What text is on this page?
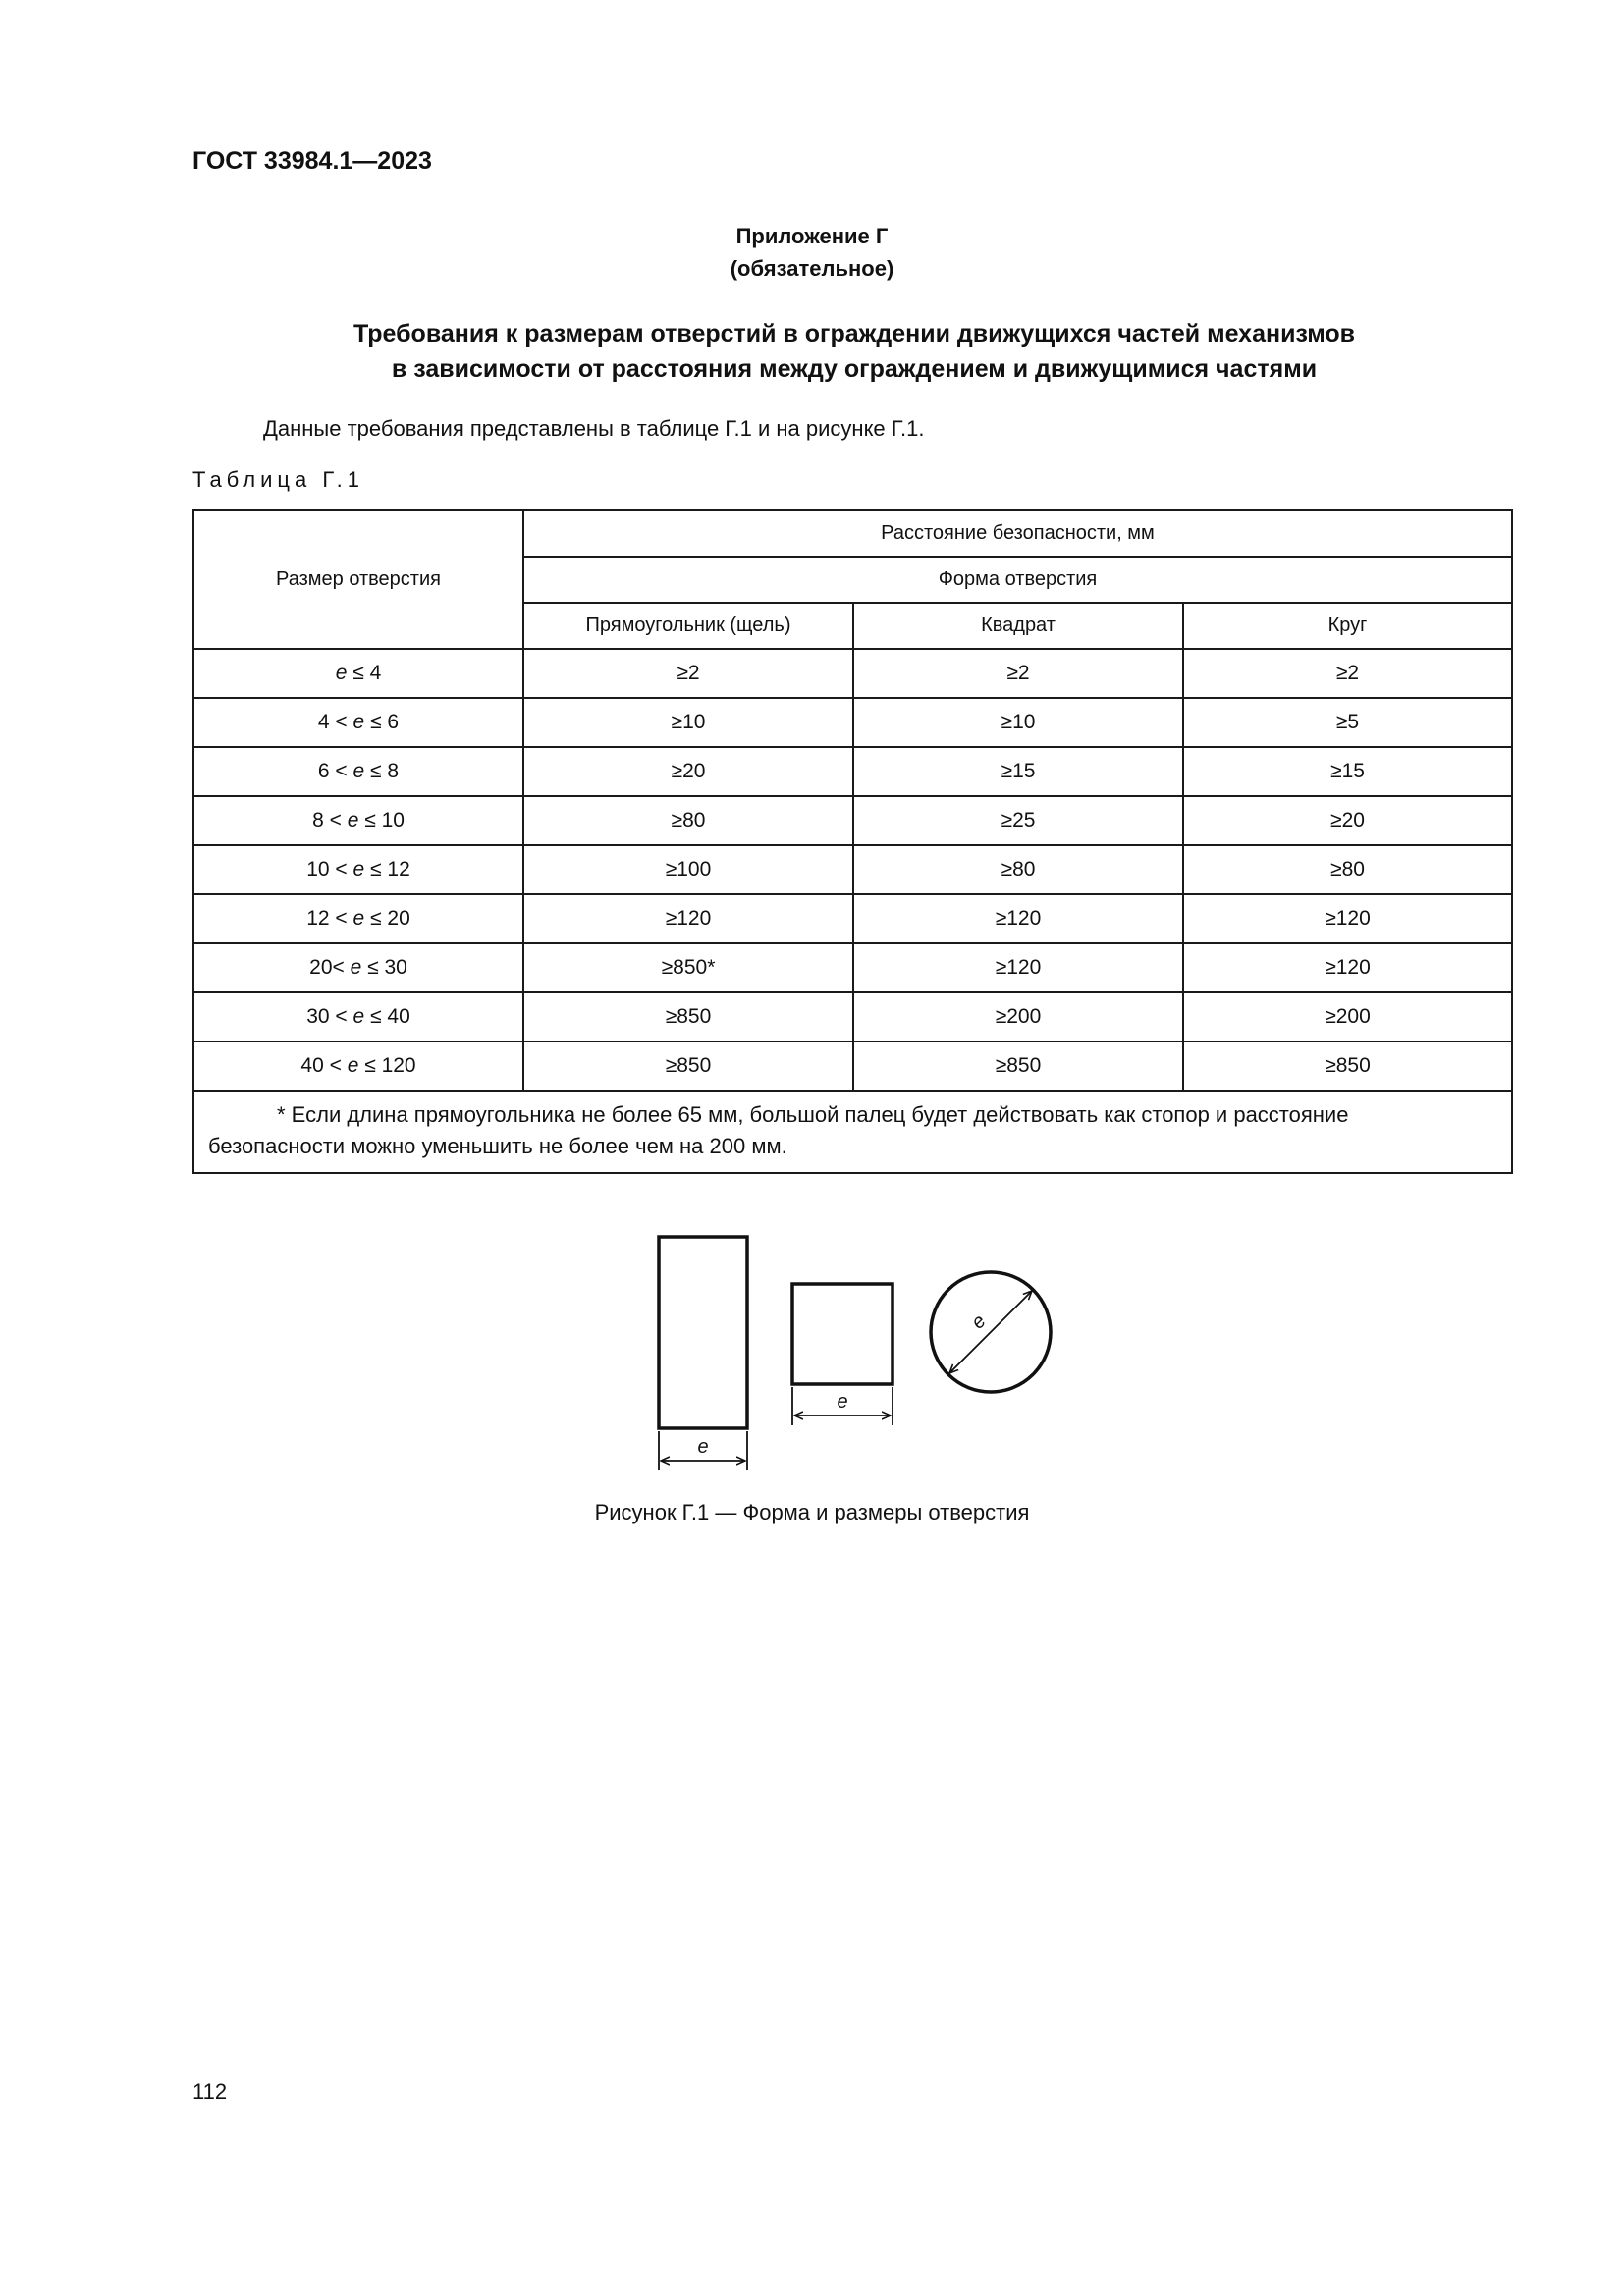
ГОСТ 33984.1—2023
Приложение Г
(обязательное)
Требования к размерам отверстий в ограждении движущихся частей механизмов
в зависимости от расстояния между ограждением и движущимися частями
Данные требования представлены в таблице Г.1 и на рисунке Г.1.
Таблица Г.1
Размер отверстия	Расстояние безопасности, мм		
	Форма отверстия		
	Прямоугольник (щель)	Квадрат	Круг
e ≤ 4	≥2	≥2	≥2
4 < e ≤ 6	≥10	≥10	≥5
6 < e ≤ 8	≥20	≥15	≥15
8 < e ≤ 10	≥80	≥25	≥20
10 < e ≤ 12	≥100	≥80	≥80
12 < e ≤ 20	≥120	≥120	≥120
20< e ≤ 30	≥850*	≥120	≥120
30 < e ≤ 40	≥850	≥200	≥200
40 < e ≤ 120	≥850	≥850	≥850

* Если длина прямоугольника не более 65 мм, большой палец будет действовать как стопор и расстояние
безопасности можно уменьшить не более чем на 200 мм.			
e
e
e
Рисунок Г.1 — Форма и размеры отверстия
112
